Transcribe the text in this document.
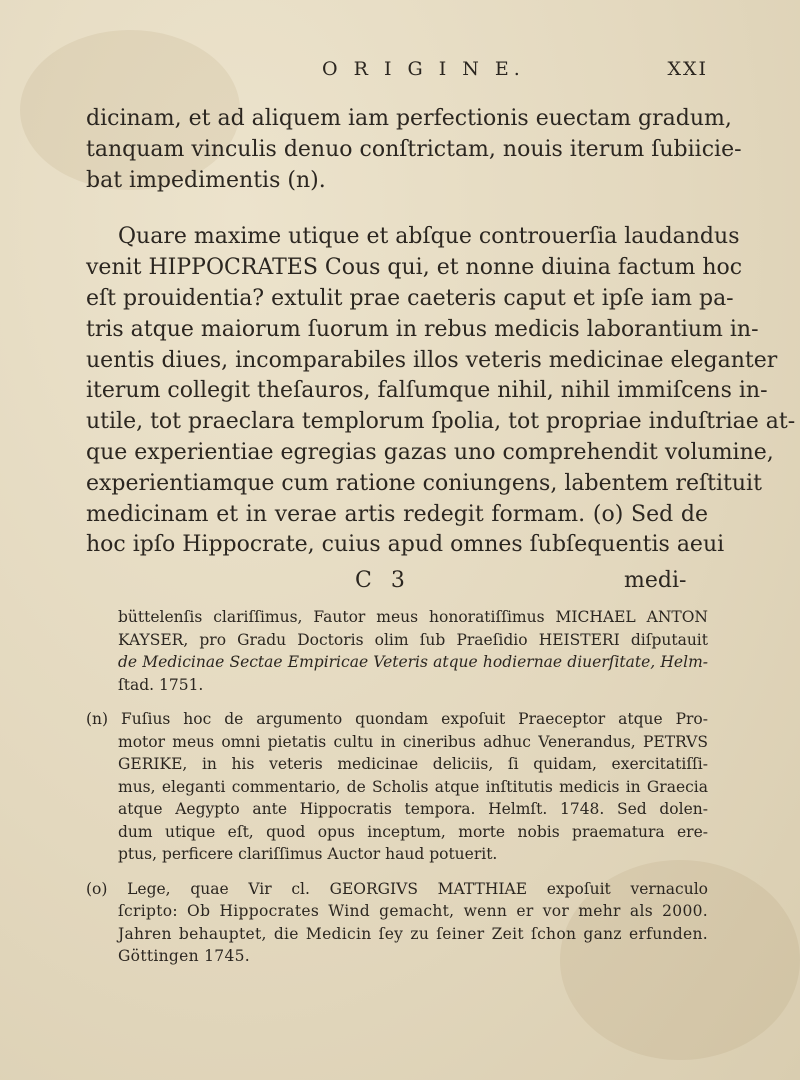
O R I G I N E.	XXI
dicinam, et ad aliquem iam perfectionis euectam gradum,
tanquam vinculis denuo conſtrictam, nouis iterum ſubiicie-
bat impedimentis (n).
Quare maxime utique et abſque controuerſia laudandus
venit HIPPOCRATES Cous qui, et nonne diuina factum hoc
eſt prouidentia? extulit prae caeteris caput et ipſe iam pa-
tris atque maiorum ſuorum in rebus medicis laborantium in-
uentis diues, incomparabiles illos veteris medicinae eleganter
iterum collegit theſauros, falſumque nihil, nihil immiſcens in-
utile, tot praeclara templorum ſpolia, tot propriae induſtriae at-
que experientiae egregias gazas uno comprehendit volumine,
experientiamque cum ratione coniungens, labentem reſtituit
medicinam et in verae artis redegit formam. (o) Sed de
hoc ipſo Hippocrate, cuius apud omnes ſubſequentis aeui
C 3	medi-
büttelenſis clariſſimus, Fautor meus honoratiſſimus MICHAEL ANTON
KAYSER, pro Gradu Doctoris olim ſub Praeſidio HEISTERI diſputauit
de Medicinae Sectae Empiricae Veteris atque hodiernae diuerſitate, Helm-
ſtad. 1751.
(n) Fuſius hoc de argumento quondam expoſuit Praeceptor atque Pro-
motor meus omni pietatis cultu in cineribus adhuc Venerandus, PETRVS
GERIKE, in his veteris medicinae deliciis, ſi quidam, exercitatiſſi-
mus, eleganti commentario, de Scholis atque inſtitutis medicis in Graecia
atque Aegypto ante Hippocratis tempora. Helmſt. 1748. Sed dolen-
dum utique eſt, quod opus inceptum, morte nobis praematura ere-
ptus, perficere clariſſimus Auctor haud potuerit.
(o) Lege, quae Vir cl. GEORGIVS MATTHIAE expoſuit vernaculo
ſcripto: Ob Hippocrates Wind gemacht, wenn er vor mehr als 2000.
Jahren behauptet, die Medicin ſey zu ſeiner Zeit ſchon ganz erfunden.
Göttingen 1745.
